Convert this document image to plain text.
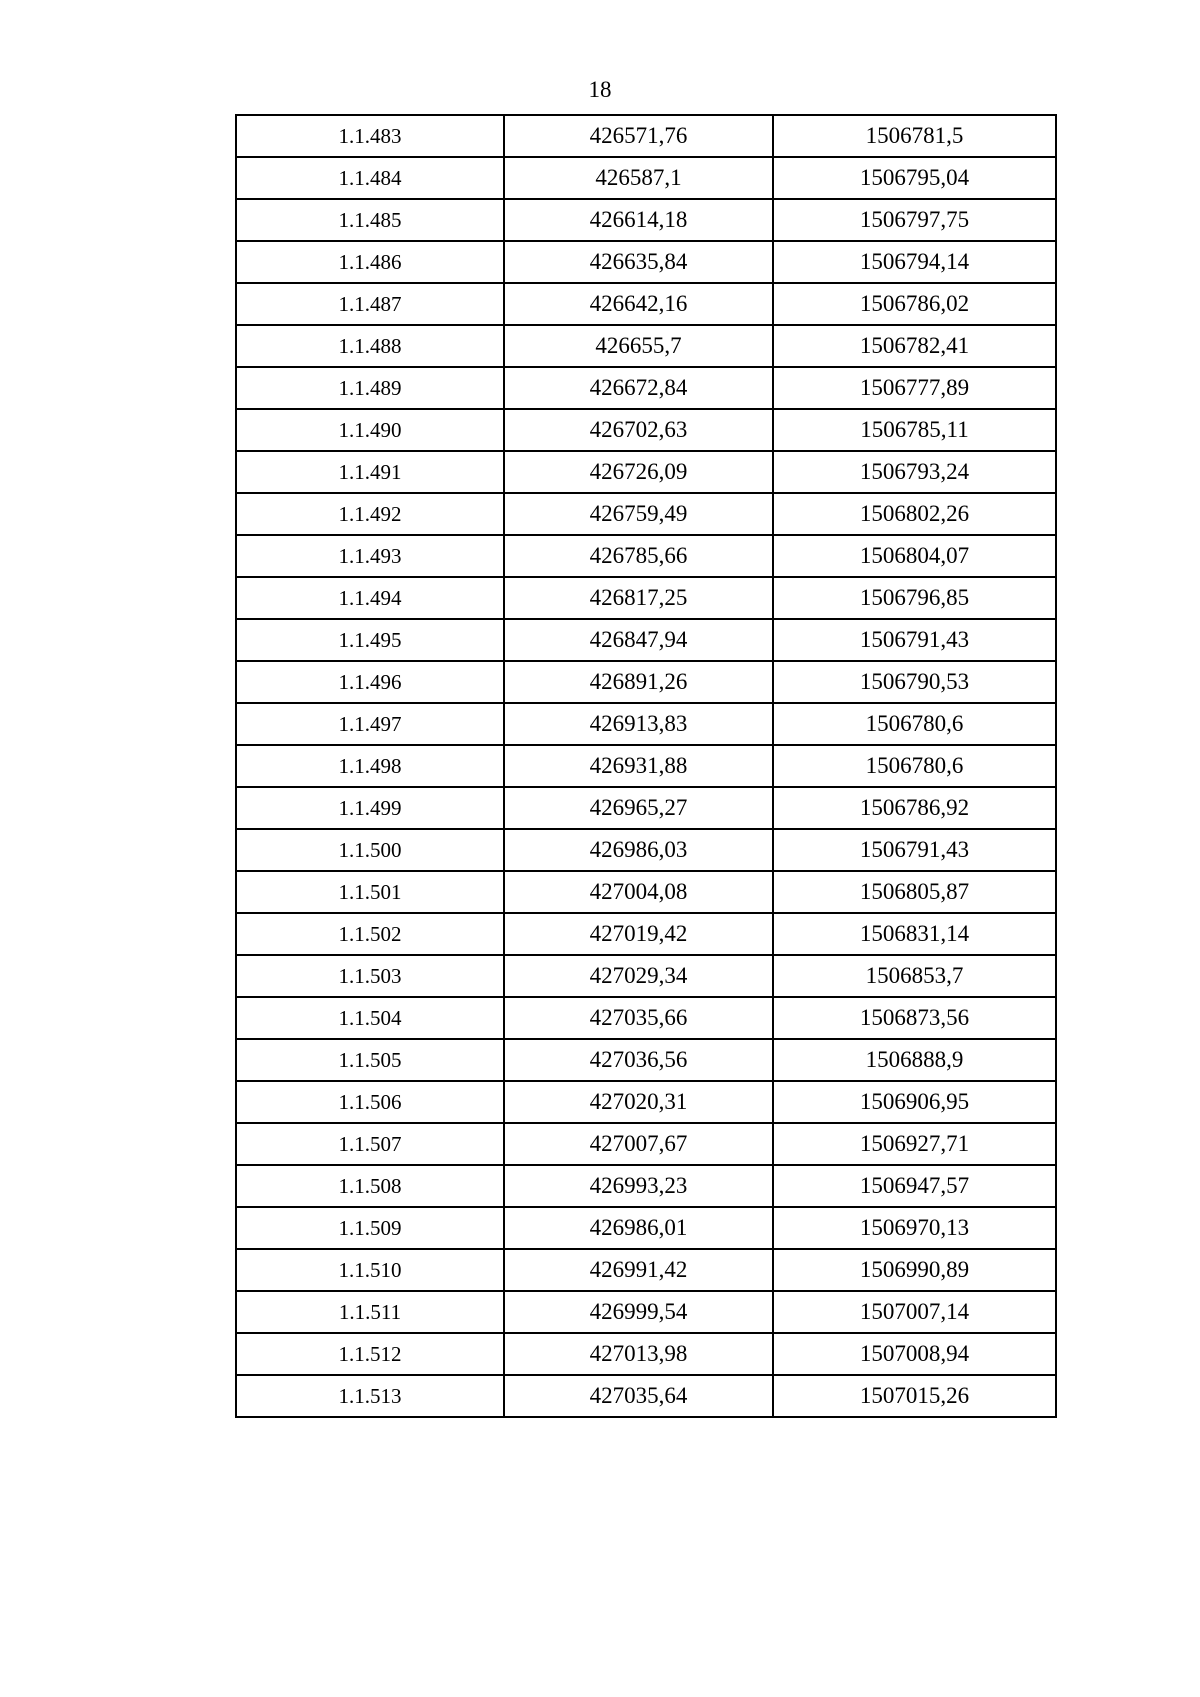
18
1.1.483	426571,76	1506781,5
1.1.484	426587,1	1506795,04
1.1.485	426614,18	1506797,75
1.1.486	426635,84	1506794,14
1.1.487	426642,16	1506786,02
1.1.488	426655,7	1506782,41
1.1.489	426672,84	1506777,89
1.1.490	426702,63	1506785,11
1.1.491	426726,09	1506793,24
1.1.492	426759,49	1506802,26
1.1.493	426785,66	1506804,07
1.1.494	426817,25	1506796,85
1.1.495	426847,94	1506791,43
1.1.496	426891,26	1506790,53
1.1.497	426913,83	1506780,6
1.1.498	426931,88	1506780,6
1.1.499	426965,27	1506786,92
1.1.500	426986,03	1506791,43
1.1.501	427004,08	1506805,87
1.1.502	427019,42	1506831,14
1.1.503	427029,34	1506853,7
1.1.504	427035,66	1506873,56
1.1.505	427036,56	1506888,9
1.1.506	427020,31	1506906,95
1.1.507	427007,67	1506927,71
1.1.508	426993,23	1506947,57
1.1.509	426986,01	1506970,13
1.1.510	426991,42	1506990,89
1.1.511	426999,54	1507007,14
1.1.512	427013,98	1507008,94
1.1.513	427035,64	1507015,26
